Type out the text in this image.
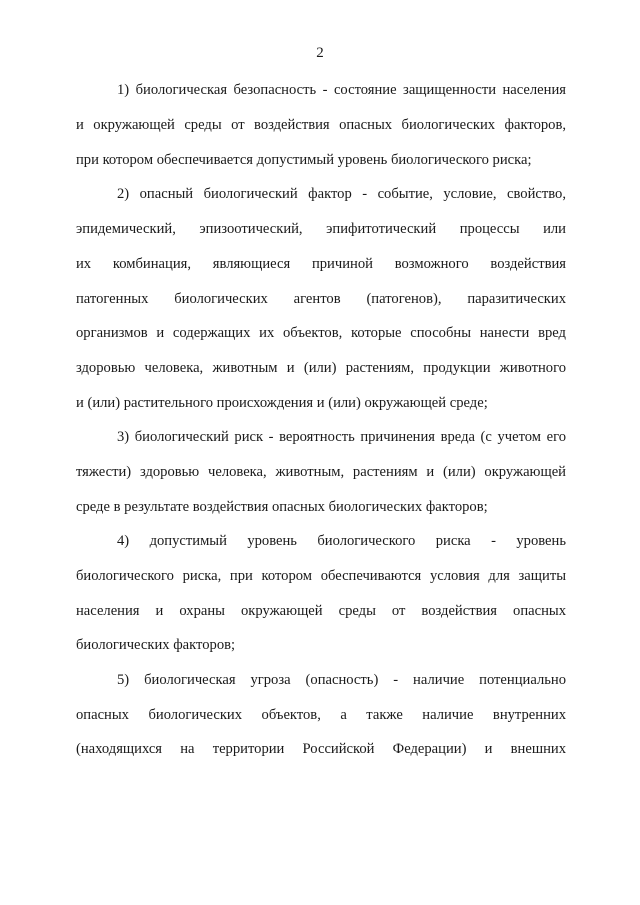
2
1) биологическая безопасность - состояние защищенности населения
и окружающей среды от воздействия опасных биологических факторов,
при котором обеспечивается допустимый уровень биологического риска;
2) опасный биологический фактор - событие, условие, свойство,
эпидемический, эпизоотический, эпифитотический процессы или
их комбинация, являющиеся причиной возможного воздействия
патогенных биологических агентов (патогенов), паразитических
организмов и содержащих их объектов, которые способны нанести вред
здоровью человека, животным и (или) растениям, продукции животного
и (или) растительного происхождения и (или) окружающей среде;
3) биологический риск - вероятность причинения вреда (с учетом его
тяжести) здоровью человека, животным, растениям и (или) окружающей
среде в результате воздействия опасных биологических факторов;
4) допустимый уровень биологического риска - уровень
биологического риска, при котором обеспечиваются условия для защиты
населения и охраны окружающей среды от воздействия опасных
биологических факторов;
5) биологическая угроза (опасность) - наличие потенциально
опасных биологических объектов, а также наличие внутренних
(находящихся на территории Российской Федерации) и внешних
